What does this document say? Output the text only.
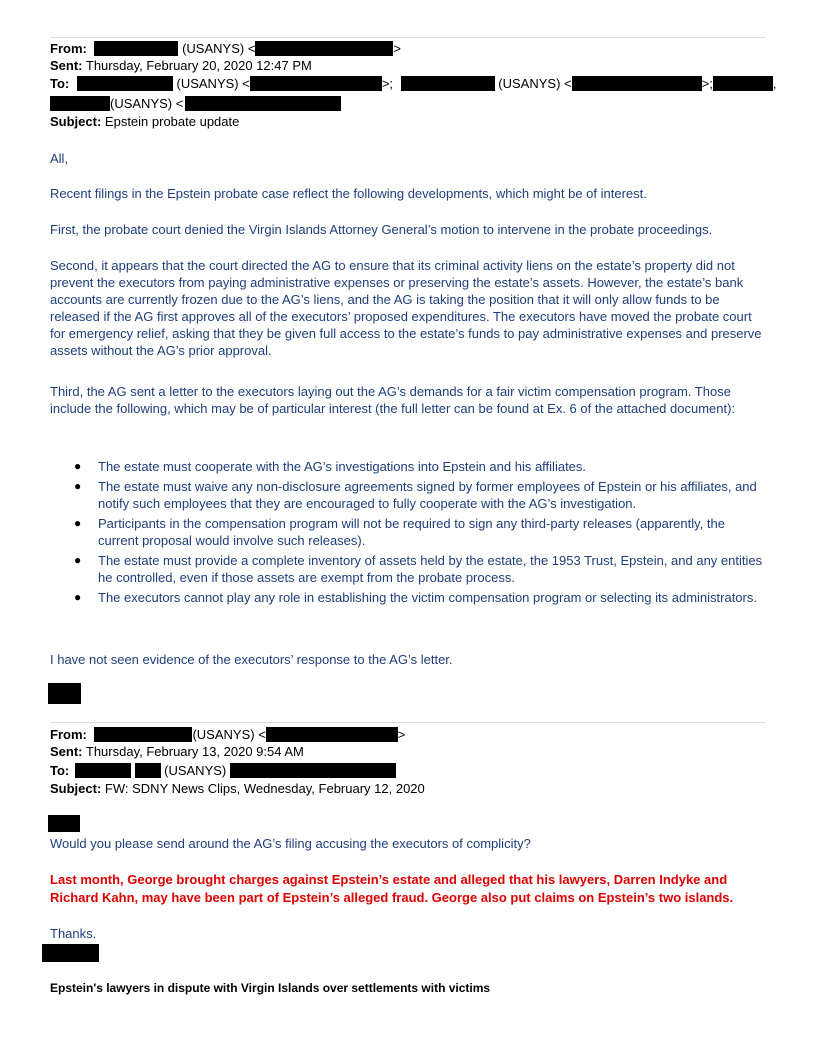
From:	(USANYS) <	>
Sent: Thursday, February 20, 2020 12:47 PM
To:	(USANYS) <	>;	(USANYS) <	>;	,
(USANYS) <
Subject: Epstein probate update
All,
Recent filings in the Epstein probate case reflect the following developments, which might be of interest.
First, the probate court denied the Virgin Islands Attorney General’s motion to intervene in the probate proceedings.
Second, it appears that the court directed the AG to ensure that its criminal activity liens on the estate’s property did not prevent the executors from paying administrative expenses or preserving the estate’s assets. However, the estate’s bank accounts are currently frozen due to the AG’s liens, and the AG is taking the position that it will only allow funds to be released if the AG first approves all of the executors’ proposed expenditures. The executors have moved the probate court for emergency relief, asking that they be given full access to the estate’s funds to pay administrative expenses and preserve assets without the AG’s prior approval.
Third, the AG sent a letter to the executors laying out the AG’s demands for a fair victim compensation program. Those include the following, which may be of particular interest (the full letter can be found at Ex. 6 of the attached document):
● The estate must cooperate with the AG’s investigations into Epstein and his affiliates.
● The estate must waive any non-disclosure agreements signed by former employees of Epstein or his affiliates, and notify such employees that they are encouraged to fully cooperate with the AG’s investigation.
● Participants in the compensation program will not be required to sign any third-party releases (apparently, the current proposal would involve such releases).
● The estate must provide a complete inventory of assets held by the estate, the 1953 Trust, Epstein, and any entities he controlled, even if those assets are exempt from the probate process.
● The executors cannot play any role in establishing the victim compensation program or selecting its administrators.
I have not seen evidence of the executors’ response to the AG’s letter.
From:	(USANYS) <	>
Sent: Thursday, February 13, 2020 9:54 AM
To:	(USANYS)
Subject: FW: SDNY News Clips, Wednesday, February 12, 2020
Would you please send around the AG’s filing accusing the executors of complicity?
Last month, George brought charges against Epstein’s estate and alleged that his lawyers, Darren Indyke and Richard Kahn, may have been part of Epstein’s alleged fraud. George also put claims on Epstein’s two islands.
Thanks.
Epstein's lawyers in dispute with Virgin Islands over settlements with victims
